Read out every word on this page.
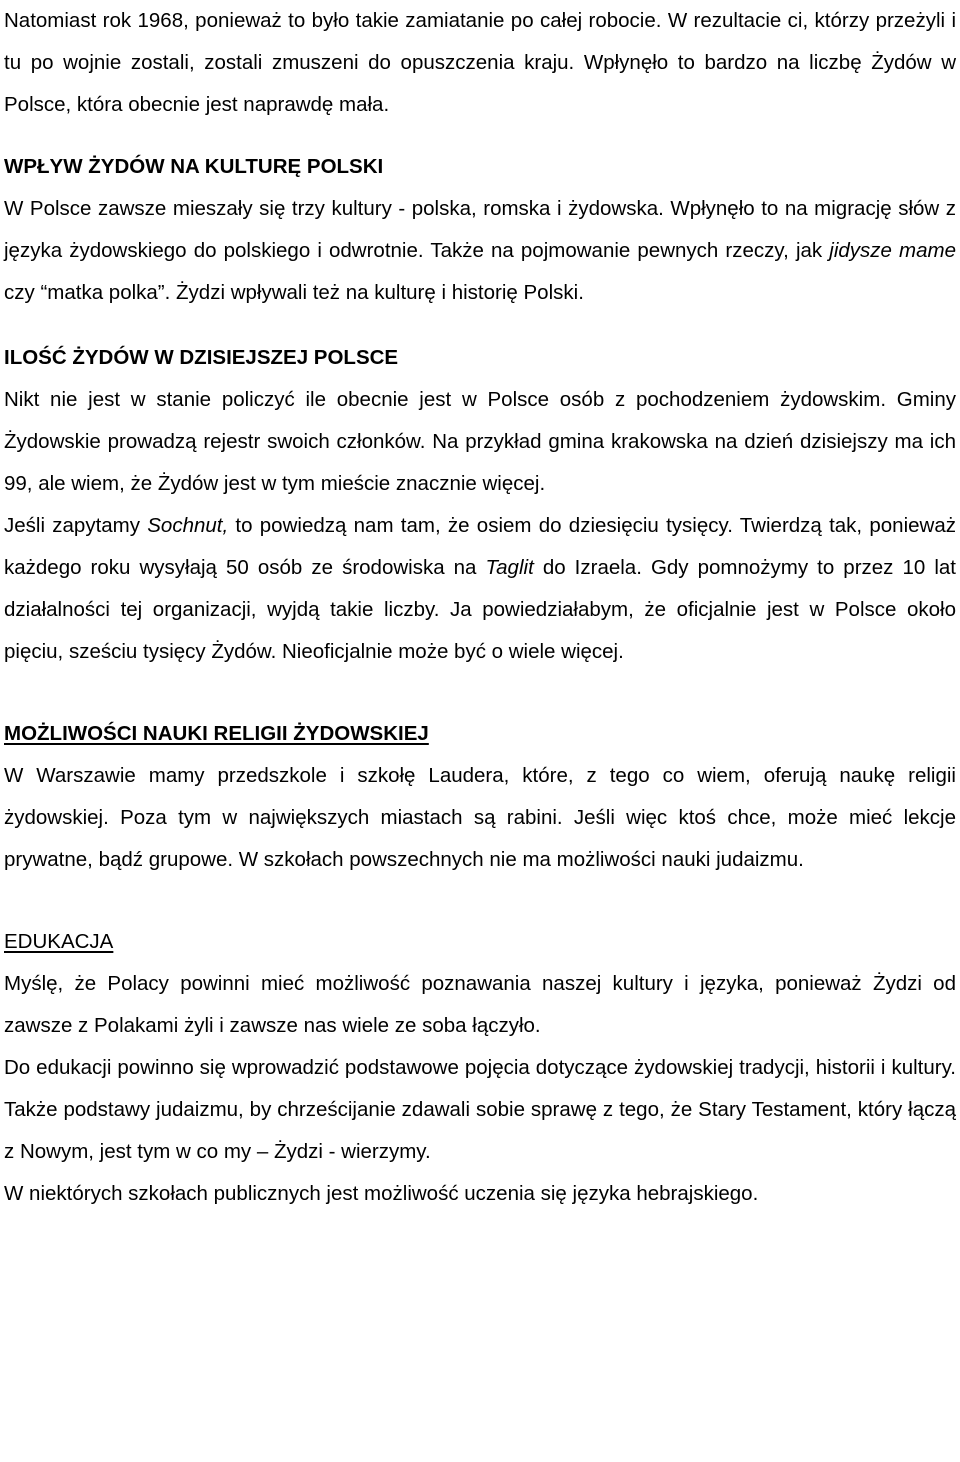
Natomiast rok 1968, ponieważ to było takie zamiatanie po całej robocie. W rezultacie ci, którzy przeżyli i tu po wojnie zostali, zostali zmuszeni do opuszczenia kraju. Wpłynęło to bardzo na liczbę Żydów w Polsce, która obecnie jest naprawdę mała.

WPŁYW ŻYDÓW NA KULTURĘ POLSKI

W Polsce zawsze mieszały się trzy kultury - polska, romska i żydowska. Wpłynęło to na migrację słów z języka żydowskiego do polskiego i odwrotnie. Także na pojmowanie pewnych rzeczy, jak jidysze mame czy “matka polka”. Żydzi wpływali też na kulturę i historię Polski.

ILOŚĆ ŻYDÓW W DZISIEJSZEJ POLSCE

Nikt nie jest w stanie policzyć ile obecnie jest w Polsce osób z pochodzeniem żydowskim. Gminy Żydowskie prowadzą rejestr swoich członków. Na przykład gmina krakowska na dzień dzisiejszy ma ich 99, ale wiem, że Żydów jest w tym mieście znacznie więcej.

Jeśli zapytamy Sochnut, to powiedzą nam tam, że osiem do dziesięciu tysięcy. Twierdzą tak, ponieważ każdego roku wysyłają 50 osób ze środowiska na Taglit do Izraela. Gdy pomnożymy to przez 10 lat działalności tej organizacji, wyjdą takie liczby. Ja powiedziałabym, że oficjalnie jest w Polsce około pięciu, sześciu tysięcy Żydów. Nieoficjalnie może być o wiele więcej.

MOŻLIWOŚCI NAUKI RELIGII ŻYDOWSKIEJ

W Warszawie mamy przedszkole i szkołę Laudera, które, z tego co wiem, oferują naukę religii żydowskiej. Poza tym w największych miastach są rabini. Jeśli więc ktoś chce, może mieć lekcje prywatne, bądź grupowe. W szkołach powszechnych nie ma możliwości nauki judaizmu.

EDUKACJA

Myślę, że Polacy powinni mieć możliwość poznawania naszej kultury i języka, ponieważ Żydzi od zawsze z Polakami żyli i zawsze nas wiele ze soba łączyło.

Do edukacji powinno się wprowadzić podstawowe pojęcia dotyczące żydowskiej tradycji, historii i kultury. Także podstawy judaizmu, by chrześcijanie zdawali sobie sprawę z tego, że Stary Testament, który łączą z Nowym, jest tym w co my – Żydzi - wierzymy.

W niektórych szkołach publicznych jest możliwość uczenia się języka hebrajskiego.
